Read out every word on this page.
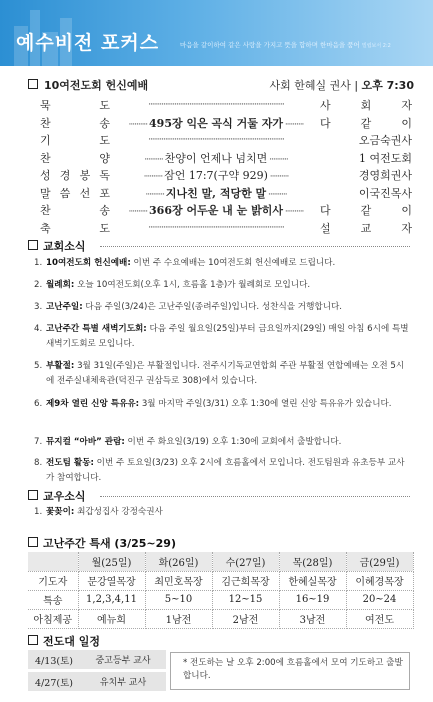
예수비전 포커스	마음을 같이하여 같은 사랑을 가지고 뜻을 합하며 한마음을 품어 빌립보서 2:2
10여전도회 헌신예배	사회 한혜실 권사 | 오후 7:30
묵	도	·········································································	사	회	자
찬	송	·········· 495장 익은 곡식 거둘 자가 ··········	다	같	이
기	도	·········································································	오금숙권사
찬	양	·········· 찬양이 언제나 넘치면 ··········	1 여전도회
성 경 봉 독	·········· 잠언 17:7(구약 929) ··········	경영희권사
말 씀 선 포	·········· 지나친 말, 적당한 말 ··········	이국진목사
찬	송	·········· 366장 어두운 내 눈 밝히사 ··········	다	같	이
축	도	·········································································	설	교	자
교회소식
1. 10여전도회 헌신예배: 이번 주 수요예배는 10여전도회 헌신예배로 드립니다.
2. 월례회: 오늘 10여전도회(오후 1시, 흐름홀 1층)가 월례회로 모입니다.
3. 고난주일: 다음 주일(3/24)은 고난주일(종려주일)입니다. 성찬식을 거행합니다.
4. 고난주간 특별 새벽기도회: 다음 주일 월요일(25일)부터 금요일까지(29일) 매일 아침 6시에 특별 새벽기도회로 모입니다.
5. 부활절: 3월 31일(주일)은 부활절입니다. 전주시기독교연합회 주관 부활절 연합예배는 오전 5시에 전주실내체육관(덕진구 권삼득로 308)에서 있습니다.
6. 제9차 열린 신앙 특유유: 3월 마지막 주일(3/31) 오후 1:30에 열린 신앙 특유유가 있습니다.
7. 뮤지컬 “아바” 관람: 이번 주 화요일(3/19) 오후 1:30에 교회에서 출발합니다.
8. 전도팀 활동: 이번 주 토요일(3/23) 오후 2시에 흐름홀에서 모입니다. 전도팀원과 유초등부 교사가 참여합니다.
교우소식
1. 꽃꽂이: 최갑성집사 강정숙권사
고난주간 특새 (3/25~29)
	월(25일)	화(26일)	수(27일)	목(28일)	금(29일)
기도자	문강열목장	최민호목장	김근희목장	한혜실목장	이혜경목장
특송	1,2,3,4,11	5~10	12~15	16~19	20~24
아침제공	예뉴희	1남전	2남전	3남전	여전도
전도대 일정
4/13(토)	중고등부 교사
4/27(토)	유치부 교사
* 전도하는 날 오후 2:00에 흐름홀에서 모여 기도하고 출발합니다.
